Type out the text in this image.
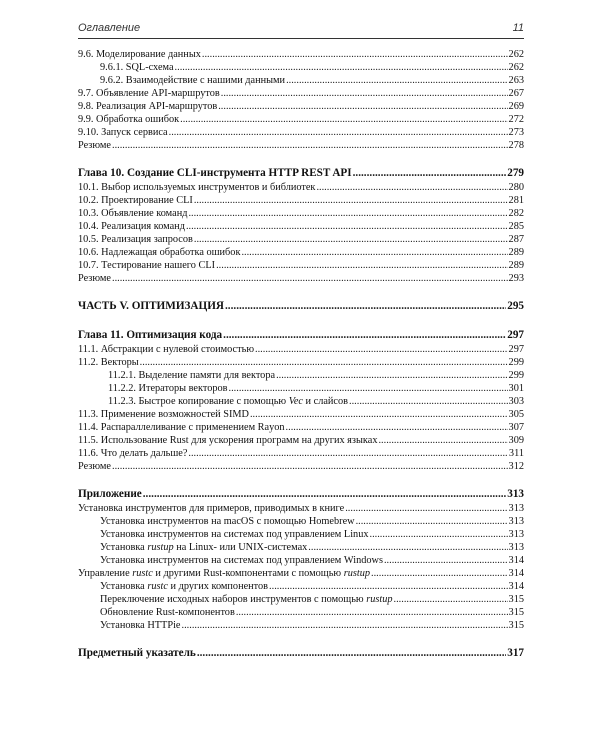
Оглавление	11
9.6. Моделирование данных .....	262
9.6.1. SQL-схема .....	262
9.6.2. Взаимодействие с нашими данными .....	263
9.7. Объявление API-маршрутов .....	267
9.8. Реализация API-маршрутов .....	269
9.9. Обработка ошибок .....	272
9.10. Запуск сервиса .....	273
Резюме .....	278
Глава 10. Создание CLI-инструмента HTTP REST API .....	279
10.1. Выбор используемых инструментов и библиотек .....	280
10.2. Проектирование CLI .....	281
10.3. Объявление команд .....	282
10.4. Реализация команд .....	285
10.5. Реализация запросов .....	287
10.6. Надлежащая обработка ошибок .....	289
10.7. Тестирование нашего CLI .....	289
Резюме .....	293
ЧАСТЬ V. ОПТИМИЗАЦИЯ .....	295
Глава 11. Оптимизация кода .....	297
11.1. Абстракции с нулевой стоимостью .....	297
11.2. Векторы .....	299
11.2.1. Выделение памяти для вектора .....	299
11.2.2. Итераторы векторов .....	301
11.2.3. Быстрое копирование с помощью Vec и слайсов .....	303
11.3. Применение возможностей SIMD .....	305
11.4. Распараллеливание с применением Rayon .....	307
11.5. Использование Rust для ускорения программ на других языках .....	309
11.6. Что делать дальше? .....	311
Резюме .....	312
Приложение .....	313
Установка инструментов для примеров, приводимых в книге .....	313
Установка инструментов на macOS с помощью Homebrew .....	313
Установка инструментов на системах под управлением Linux .....	313
Установка rustup на Linux- или UNIX-системах .....	313
Установка инструментов на системах под управлением Windows .....	314
Управление rustc и другими Rust-компонентами с помощью rustup .....	314
Установка rustc и других компонентов .....	314
Переключение исходных наборов инструментов с помощью rustup .....	315
Обновление Rust-компонентов .....	315
Установка HTTPie .....	315
Предметный указатель .....	317
